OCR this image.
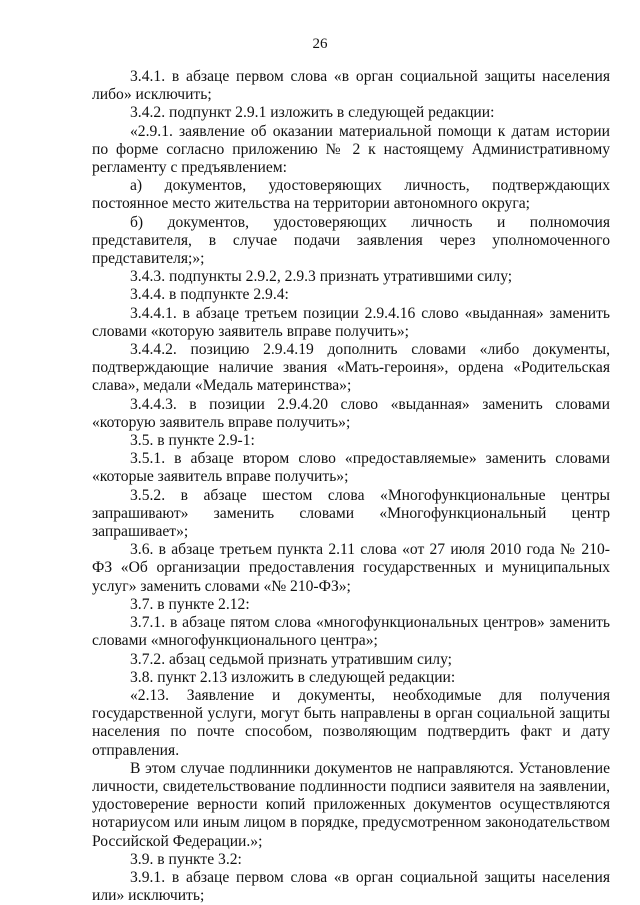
26

3.4.1. в абзаце первом слова «в орган социальной защиты населения либо» исключить;

3.4.2. подпункт 2.9.1 изложить в следующей редакции:

«2.9.1. заявление об оказании материальной помощи к датам истории по форме согласно приложению № 2 к настоящему Административному регламенту с предъявлением:

а) документов, удостоверяющих личность, подтверждающих постоянное место жительства на территории автономного округа;

б) документов, удостоверяющих личность и полномочия представителя, в случае подачи заявления через уполномоченного представителя;»;

3.4.3. подпункты 2.9.2, 2.9.3 признать утратившими силу;

3.4.4. в подпункте 2.9.4:

3.4.4.1. в абзаце третьем позиции 2.9.4.16 слово «выданная» заменить словами «которую заявитель вправе получить»;

3.4.4.2. позицию 2.9.4.19 дополнить словами «либо документы, подтверждающие наличие звания «Мать-героиня», ордена «Родительская слава», медали «Медаль материнства»;

3.4.4.3. в позиции 2.9.4.20 слово «выданная» заменить словами «которую заявитель вправе получить»;

3.5. в пункте 2.9-1:

3.5.1. в абзаце втором слово «предоставляемые» заменить словами «которые заявитель вправе получить»;

3.5.2. в абзаце шестом слова «Многофункциональные центры запрашивают» заменить словами «Многофункциональный центр запрашивает»;

3.6. в абзаце третьем пункта 2.11 слова «от 27 июля 2010 года № 210-ФЗ «Об организации предоставления государственных и муниципальных услуг» заменить словами «№ 210-ФЗ»;

3.7. в пункте 2.12:

3.7.1. в абзаце пятом слова «многофункциональных центров» заменить словами «многофункционального центра»;

3.7.2. абзац седьмой признать утратившим силу;

3.8. пункт 2.13 изложить в следующей редакции:

«2.13. Заявление и документы, необходимые для получения государственной услуги, могут быть направлены в орган социальной защиты населения по почте способом, позволяющим подтвердить факт и дату отправления.

В этом случае подлинники документов не направляются. Установление личности, свидетельствование подлинности подписи заявителя на заявлении, удостоверение верности копий приложенных документов осуществляются нотариусом или иным лицом в порядке, предусмотренном законодательством Российской Федерации.»;

3.9. в пункте 3.2:

3.9.1. в абзаце первом слова «в орган социальной защиты населения или» исключить;
